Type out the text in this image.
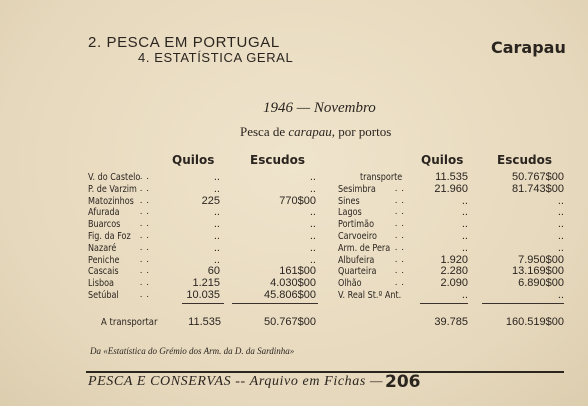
2. PESCA EM PORTUGAL
4. ESTATÍSTICA GERAL
Carapau
1946 — Novembro
Pesca de carapau, por portos
Quilos	Escudos	Quilos	Escudos
V. do Castelo . .	..	..
P. de Varzim . .	..	..
Matozinhos . .	225	770$00
Afurada . .	..	..
Buarcos . .	..	..
Fig. da Foz . .	..	..
Nazaré	. .	..	..
Peniche . .	..	..
Cascais . .	60	161$00
Lisboa	. .	1.215	4.030$00
Setúbal . .	10.035	45.806$00
transporte	11.535	50.767$00
Sesimbra . .	21.960	81.743$00
Sines	. .	..	..
Lagos	. .	..	..
Portimão . .	..	..
Carvoeiro . .	..	..
Arm. de Pera . .	..	..
Albufeira . .	1.920	7.950$00
Quarteira . .	2.280	13.169$00
Olhão	. .	2.090	6.890$00
V. Real St.º Ant.	..	..
A transportar	11.535	50.767$00	39.785	160.519$00
Da «Estatística do Grémio dos Arm. da D. da Sardinha»
PESCA E CONSERVAS -- Arquivo em Fichas — 206
